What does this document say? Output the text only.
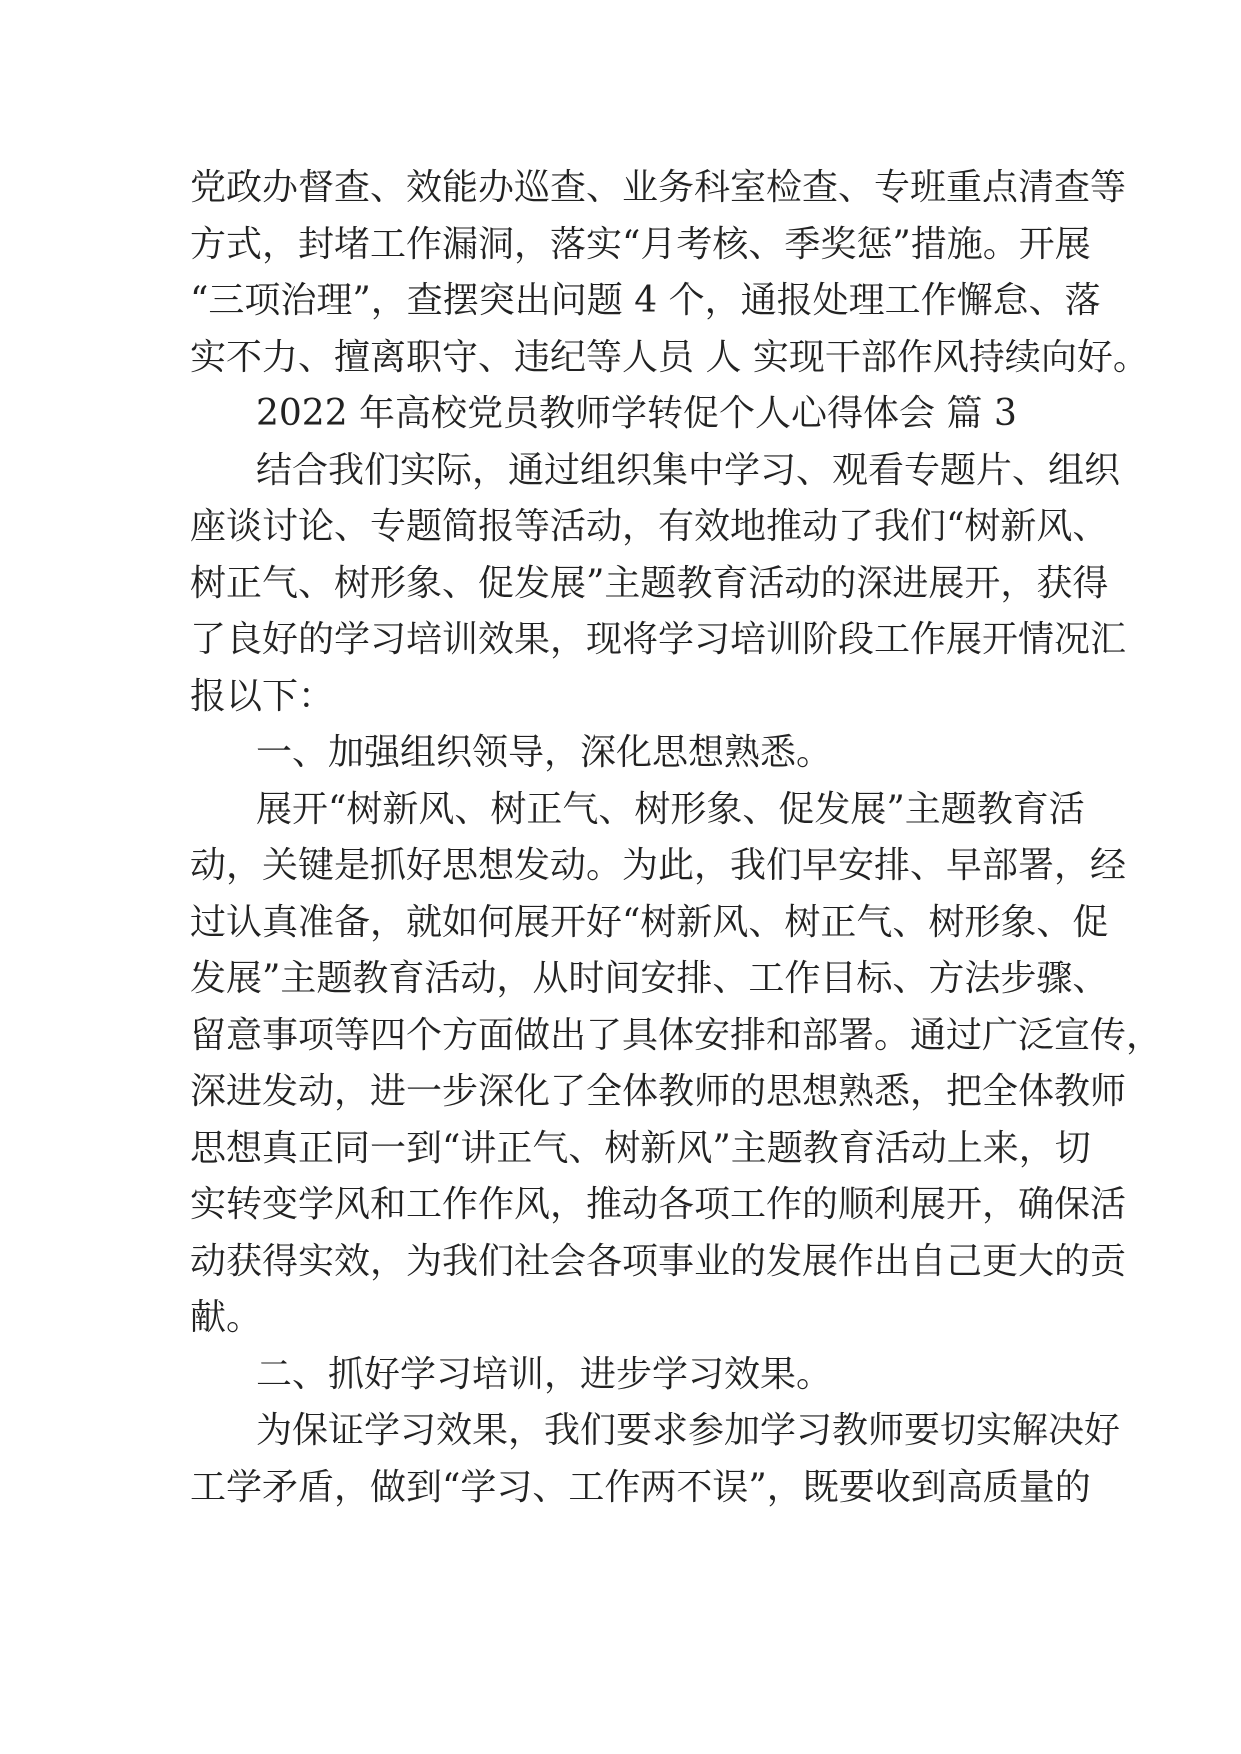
党政办督查、效能办巡查、业务科室检查、专班重点清查等
方式，封堵工作漏洞，落实“月考核、季奖惩”措施。开展
“三项治理”，查摆突出问题 4 个，通报处理工作懈怠、落
实不力、擅离职守、违纪等人员 人 实现干部作风持续向好。
2022 年高校党员教师学转促个人心得体会 篇 3
结合我们实际，通过组织集中学习、观看专题片、组织
座谈讨论、专题简报等活动，有效地推动了我们“树新风、
树正气、树形象、促发展”主题教育活动的深进展开，获得
了良好的学习培训效果，现将学习培训阶段工作展开情况汇
报以下：
一、加强组织领导，深化思想熟悉。
展开“树新风、树正气、树形象、促发展”主题教育活
动，关键是抓好思想发动。为此，我们早安排、早部署，经
过认真准备，就如何展开好“树新风、树正气、树形象、促
发展”主题教育活动，从时间安排、工作目标、方法步骤、
留意事项等四个方面做出了具体安排和部署。通过广泛宣传，
深进发动，进一步深化了全体教师的思想熟悉，把全体教师
思想真正同一到“讲正气、树新风”主题教育活动上来，切
实转变学风和工作作风，推动各项工作的顺利展开，确保活
动获得实效，为我们社会各项事业的发展作出自己更大的贡
献。
二、抓好学习培训，进步学习效果。
为保证学习效果，我们要求参加学习教师要切实解决好
工学矛盾，做到“学习、工作两不误”，既要收到高质量的
